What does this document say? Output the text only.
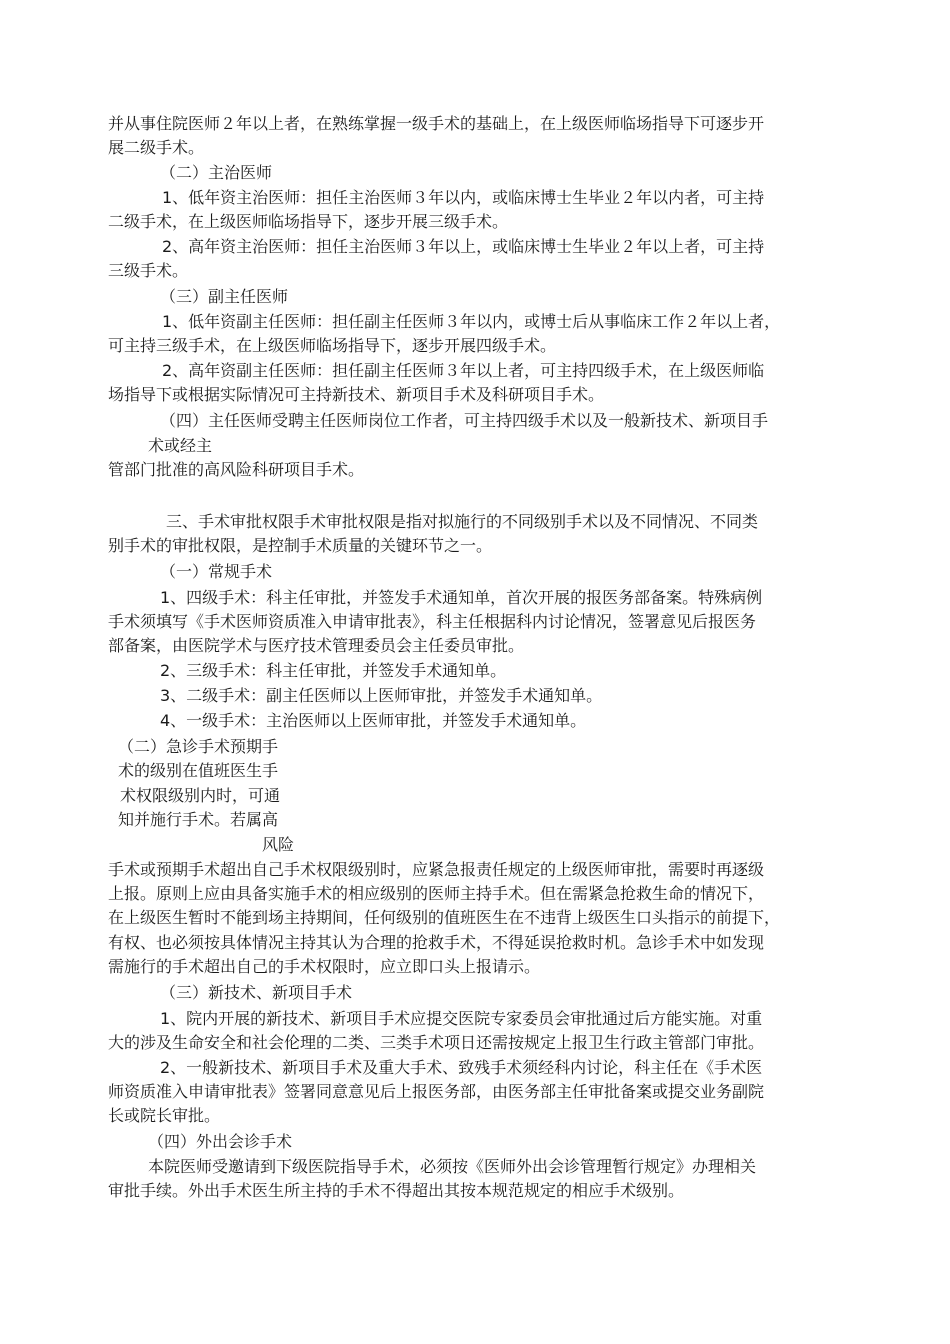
并从事住院医师２年以上者，在熟练掌握一级手术的基础上，在上级医师临场指导下可逐步开
展二级手术。
（二）主治医师
1、低年资主治医师：担任主治医师３年以内，或临床博士生毕业２年以内者，可主持
二级手术，在上级医师临场指导下，逐步开展三级手术。
2、高年资主治医师：担任主治医师３年以上，或临床博士生毕业２年以上者，可主持
三级手术。
（三）副主任医师
1、低年资副主任医师：担任副主任医师３年以内，或博士后从事临床工作２年以上者，
可主持三级手术，在上级医师临场指导下，逐步开展四级手术。
2、高年资副主任医师：担任副主任医师３年以上者，可主持四级手术，在上级医师临
场指导下或根据实际情况可主持新技术、新项目手术及科研项目手术。
（四）主任医师受聘主任医师岗位工作者，可主持四级手术以及一般新技术、新项目手
术或经主
管部门批准的高风险科研项目手术。
三、手术审批权限手术审批权限是指对拟施行的不同级别手术以及不同情况、不同类
别手术的审批权限，是控制手术质量的关键环节之一。
（一）常规手术
1、四级手术：科主任审批，并签发手术通知单，首次开展的报医务部备案。特殊病例
手术须填写《手术医师资质准入申请审批表》，科主任根据科内讨论情况，签署意见后报医务
部备案，由医院学术与医疗技术管理委员会主任委员审批。
2、三级手术：科主任审批，并签发手术通知单。
3、二级手术：副主任医师以上医师审批，并签发手术通知单。
4、一级手术：主治医师以上医师审批，并签发手术通知单。
（二）急诊手术预期手
术的级别在值班医生手
术权限级别内时，可通
知并施行手术。若属高
风险
手术或预期手术超出自己手术权限级别时，应紧急报责任规定的上级医师审批，需要时再逐级
上报。原则上应由具备实施手术的相应级别的医师主持手术。但在需紧急抢救生命的情况下，
在上级医生暂时不能到场主持期间，任何级别的值班医生在不违背上级医生口头指示的前提下，
有权、也必须按具体情况主持其认为合理的抢救手术，不得延误抢救时机。急诊手术中如发现
需施行的手术超出自己的手术权限时，应立即口头上报请示。
（三）新技术、新项目手术
1、院内开展的新技术、新项目手术应提交医院专家委员会审批通过后方能实施。对重
大的涉及生命安全和社会伦理的二类、三类手术项日还需按规定上报卫生行政主管部门审批。
2、一般新技术、新项目手术及重大手术、致残手术须经科内讨论，科主任在《手术医
师资质准入申请审批表》签署同意意见后上报医务部，由医务部主任审批备案或提交业务副院
长或院长审批。
（四）外出会诊手术
本院医师受邀请到下级医院指导手术，必须按《医师外出会诊管理暂行规定》办理相关
审批手续。外出手术医生所主持的手术不得超出其按本规范规定的相应手术级别。
